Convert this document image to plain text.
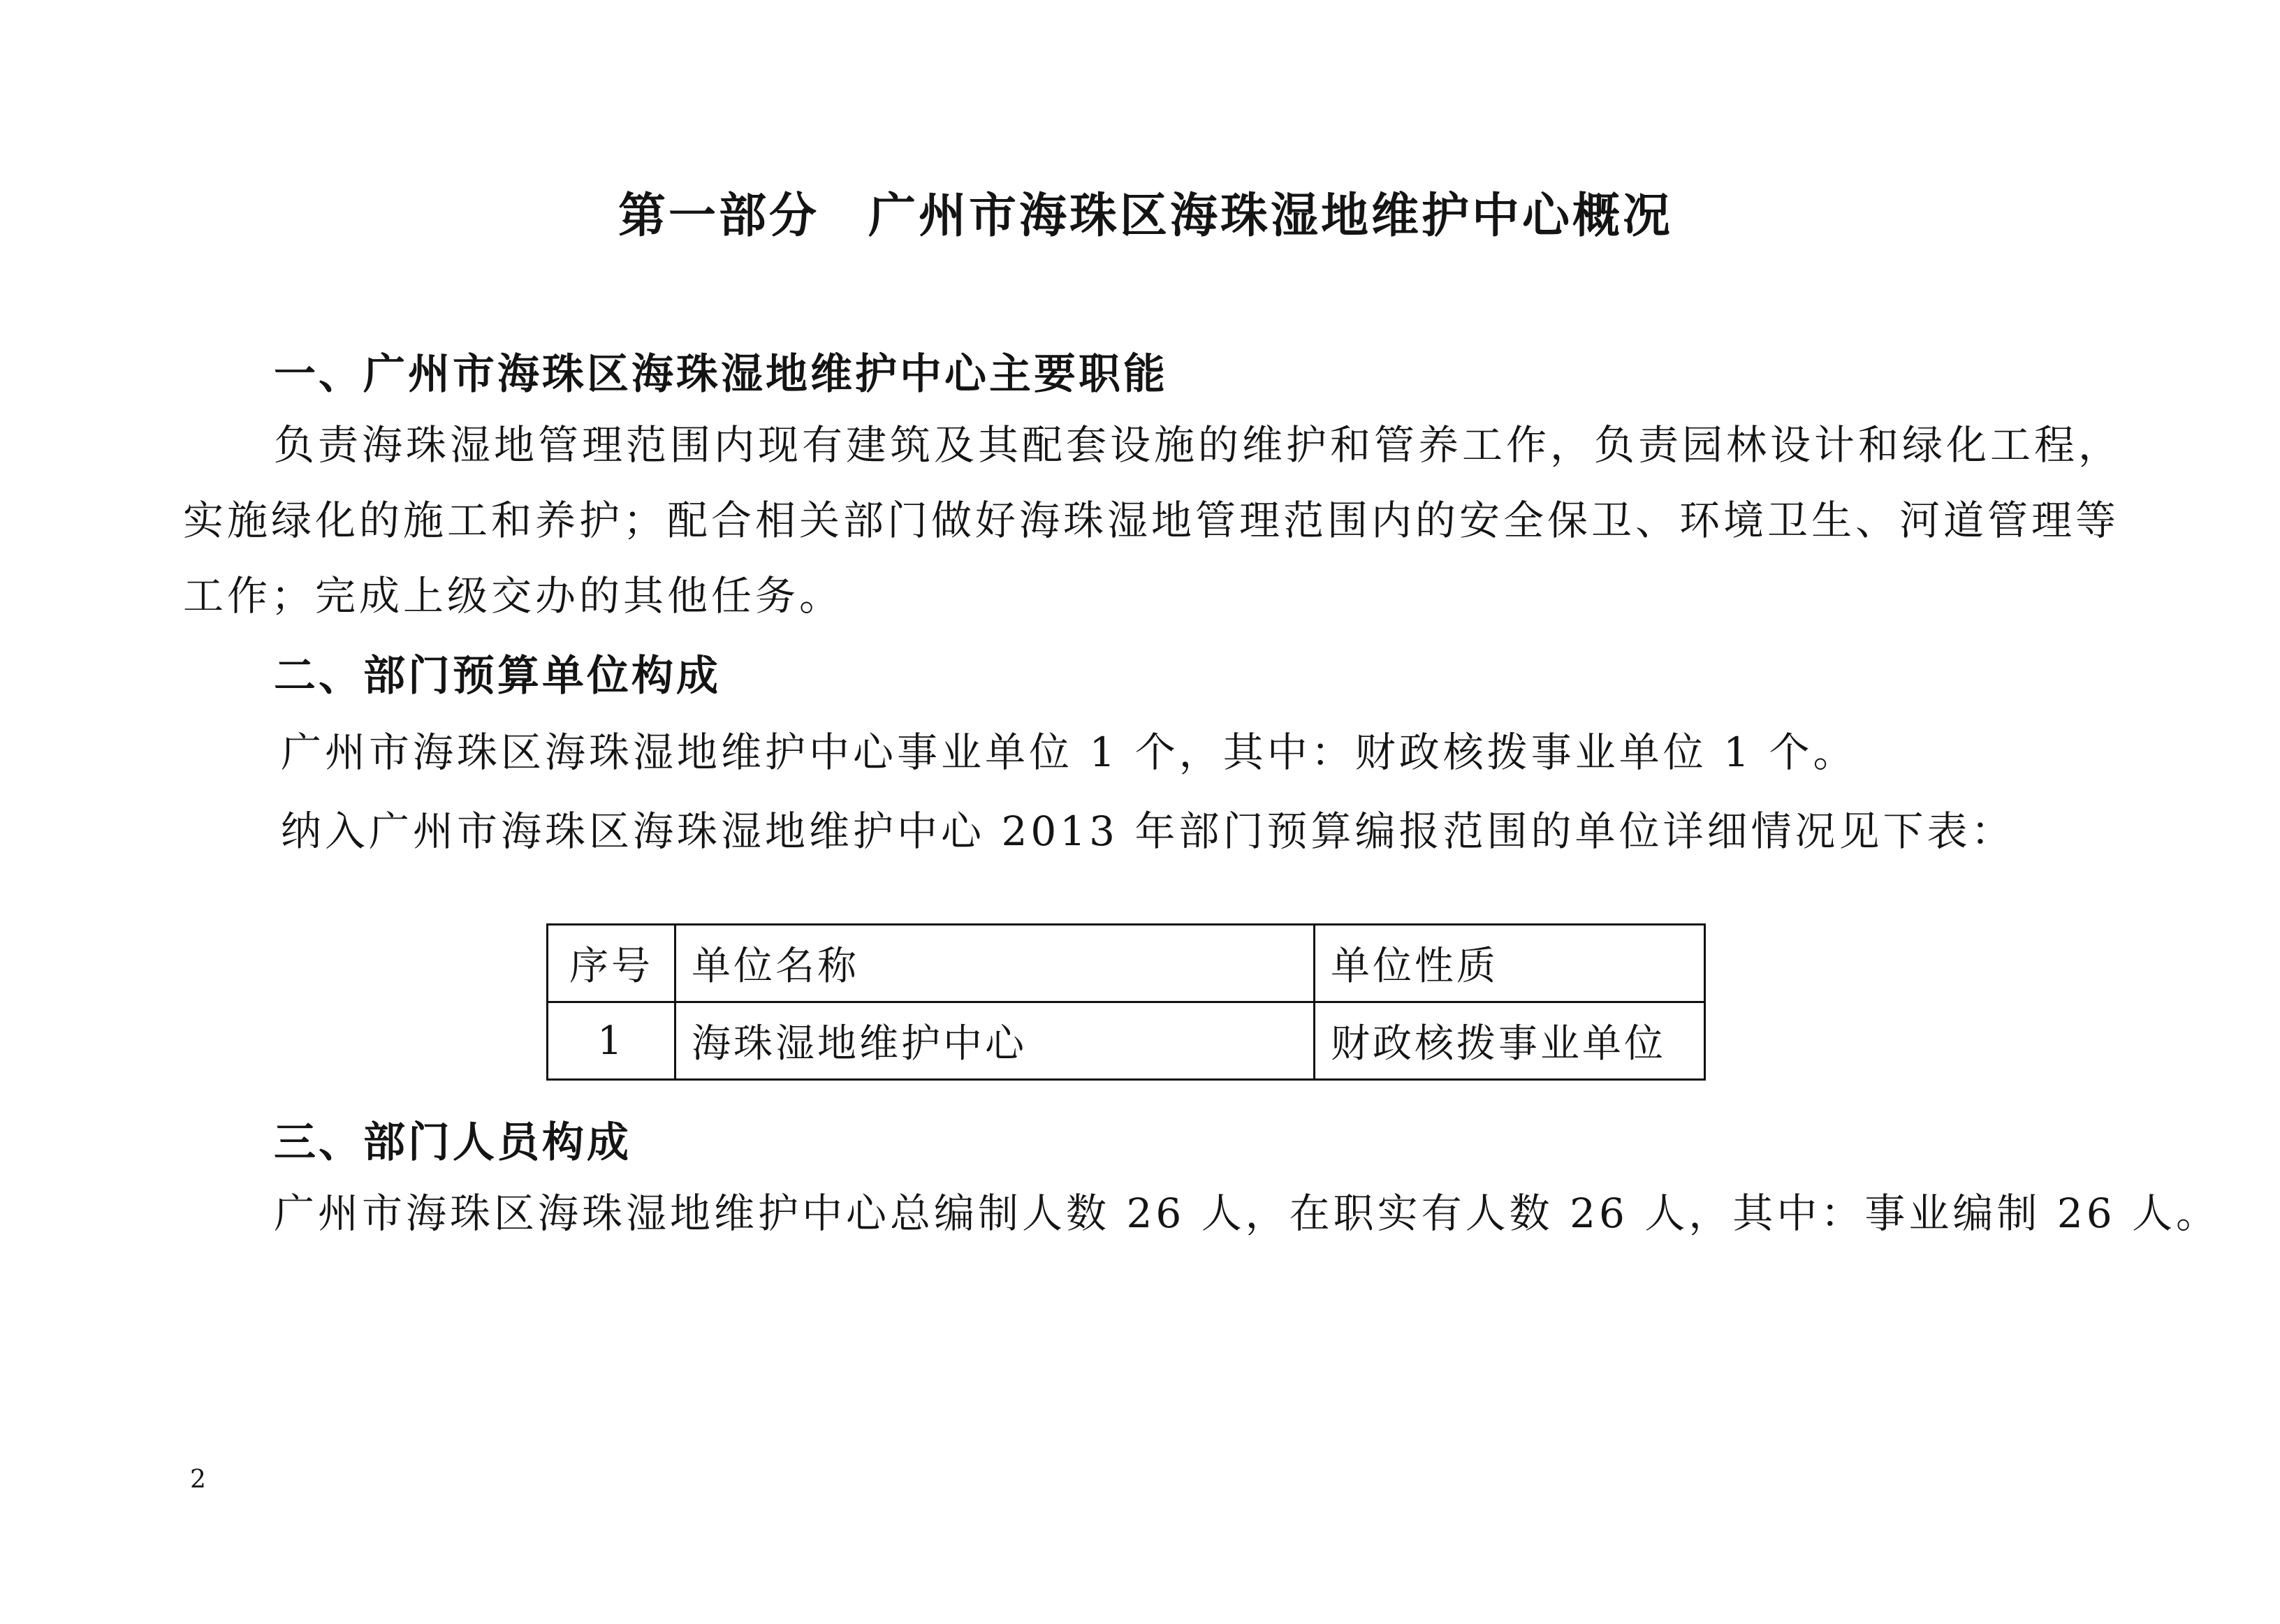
第一部分 广州市海珠区海珠湿地维护中心概况
一、广州市海珠区海珠湿地维护中心主要职能
负责海珠湿地管理范围内现有建筑及其配套设施的维护和管养工作，负责园林设计和绿化工程，
实施绿化的施工和养护；配合相关部门做好海珠湿地管理范围内的安全保卫、环境卫生、河道管理等
工作；完成上级交办的其他任务。
二、部门预算单位构成
广州市海珠区海珠湿地维护中心事业单位 1 个，其中：财政核拨事业单位 1 个。
纳入广州市海珠区海珠湿地维护中心 2013 年部门预算编报范围的单位详细情况见下表：
序号	单位名称	单位性质
1	海珠湿地维护中心	财政核拨事业单位
三、部门人员构成
广州市海珠区海珠湿地维护中心总编制人数 26 人，在职实有人数 26 人，其中：事业编制 26 人。
2
